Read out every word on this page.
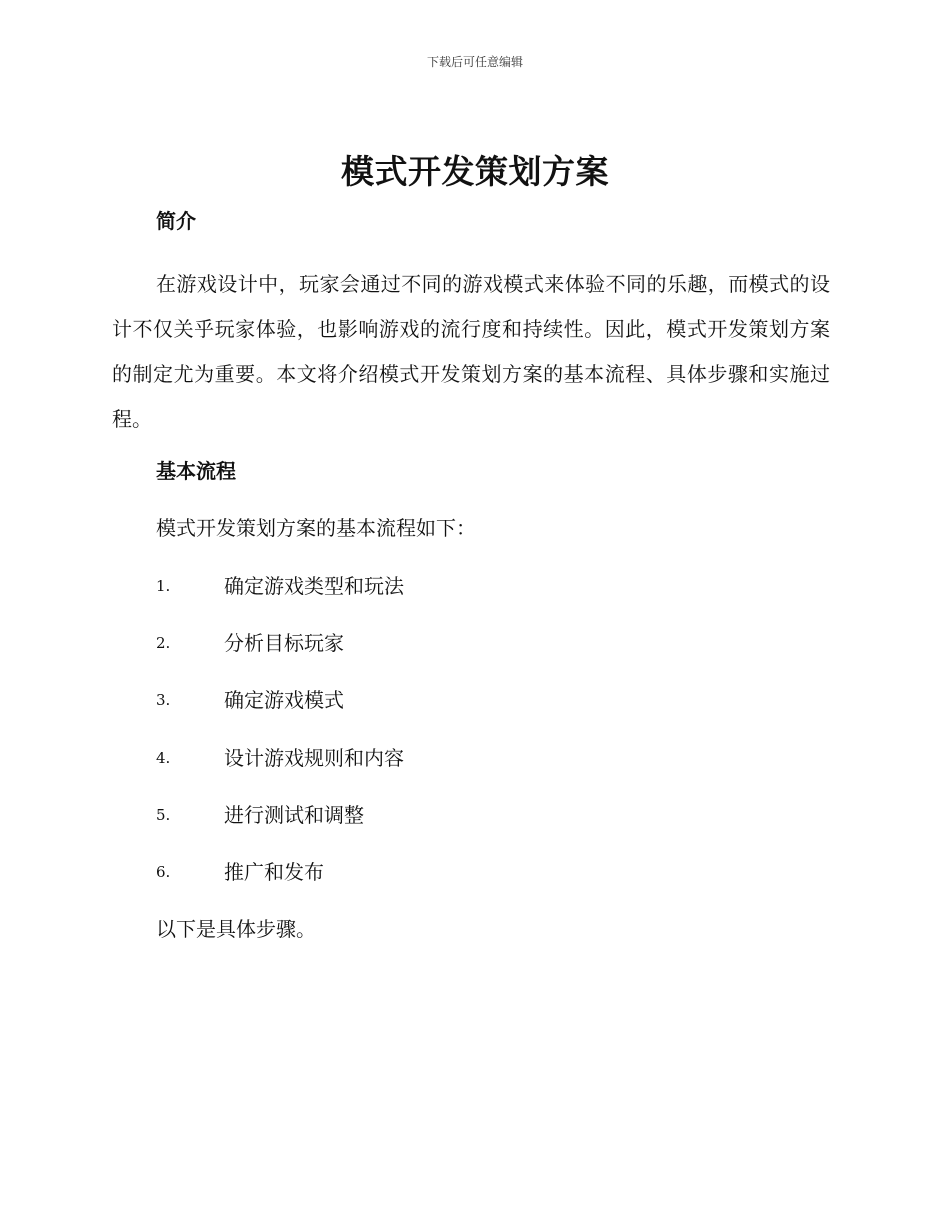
下载后可任意编辑
模式开发策划方案
简介
在游戏设计中，玩家会通过不同的游戏模式来体验不同的乐趣，而模式的设计不仅关乎玩家体验，也影响游戏的流行度和持续性。因此，模式开发策划方案的制定尤为重要。本文将介绍模式开发策划方案的基本流程、具体步骤和实施过程。
基本流程
模式开发策划方案的基本流程如下：
1.	确定游戏类型和玩法
2.	分析目标玩家
3.	确定游戏模式
4.	设计游戏规则和内容
5.	进行测试和调整
6.	推广和发布
以下是具体步骤。
